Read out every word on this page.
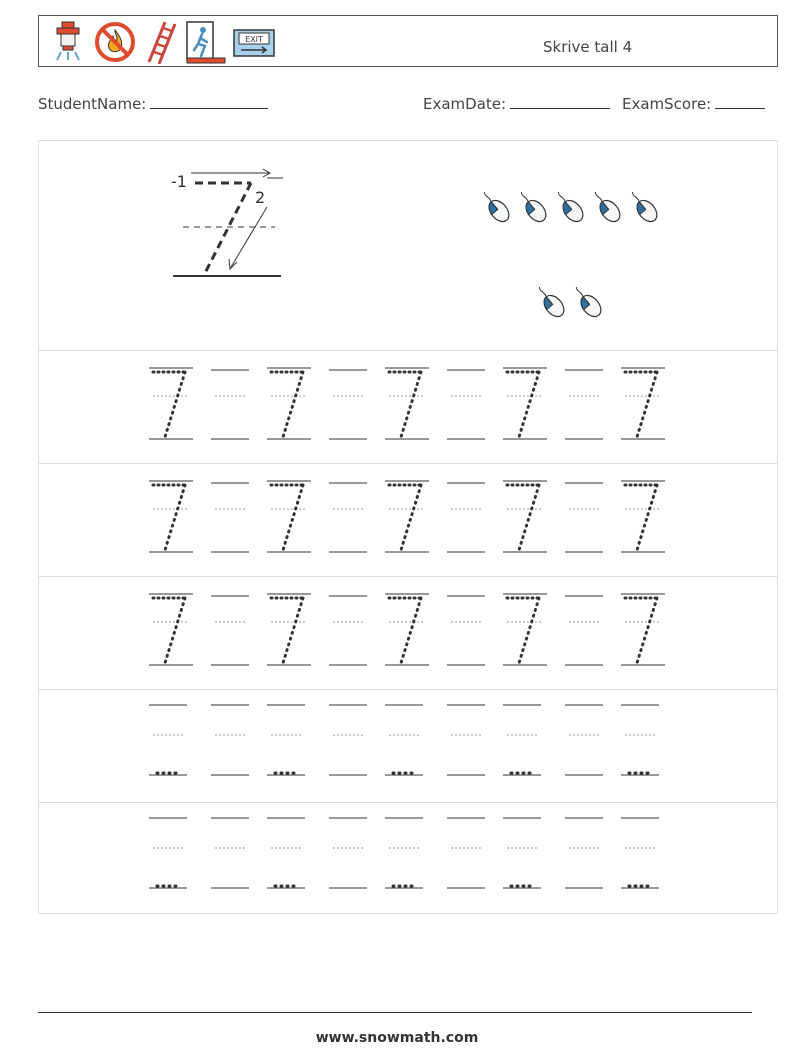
EXIT	Skrive tall 4
StudentName:	ExamDate:	ExamScore:
-1
2
www.snowmath.com
